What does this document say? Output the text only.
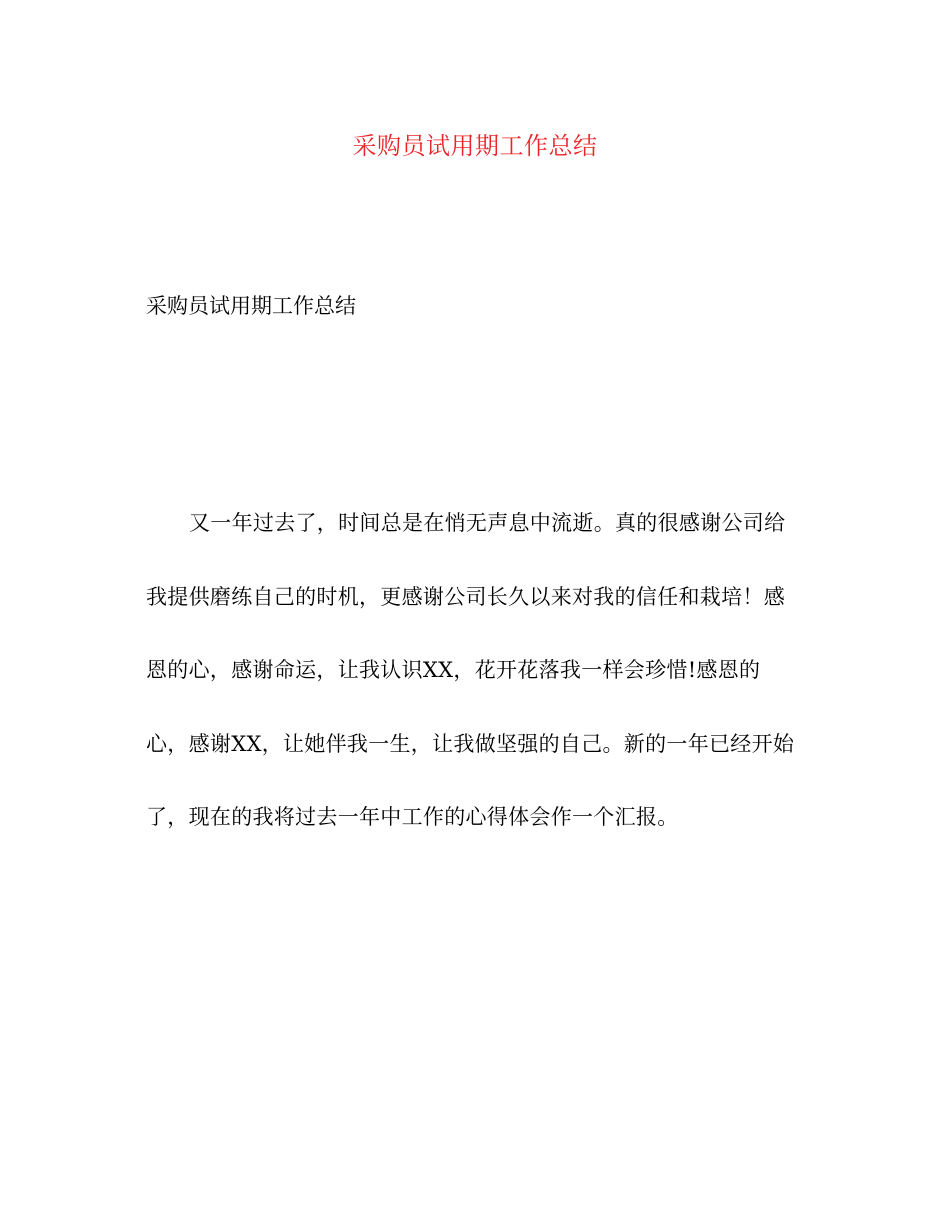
采购员试用期工作总结
采购员试用期工作总结
又一年过去了，时间总是在悄无声息中流逝。真的很感谢公司给
我提供磨练自己的时机，更感谢公司长久以来对我的信任和栽培！感
恩的心，感谢命运，让我认识XX，花开花落我一样会珍惜!感恩的
心，感谢XX，让她伴我一生，让我做坚强的自己。新的一年已经开始
了，现在的我将过去一年中工作的心得体会作一个汇报。
